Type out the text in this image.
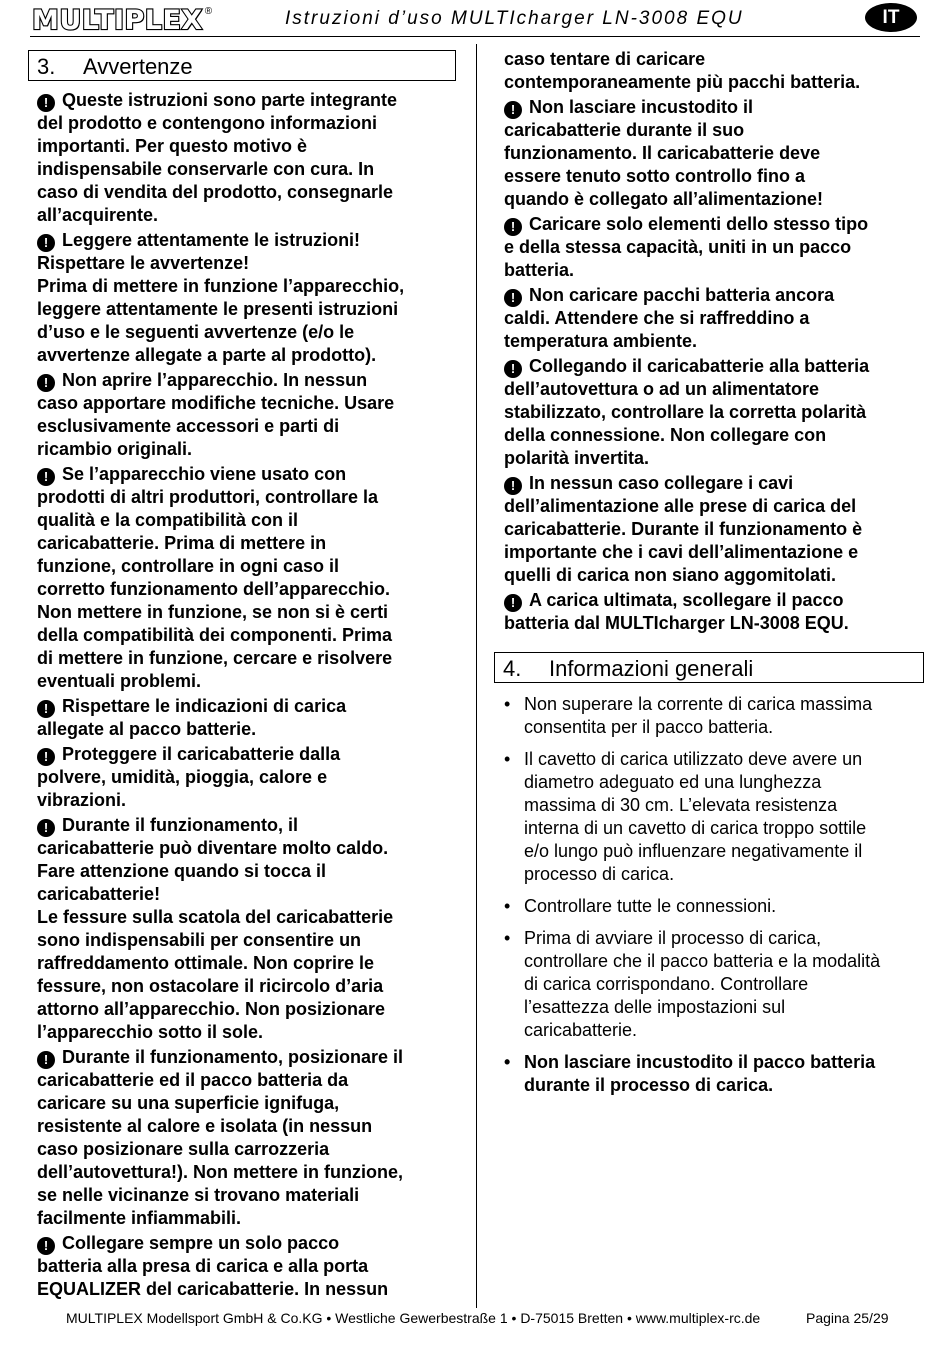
MULTIPLEX ®	Istruzioni d’uso MULTIcharger LN-3008 EQU	IT
3. Avvertenze

! Queste istruzioni sono parte integrante
del prodotto e contengono informazioni
importanti. Per questo motivo è
indispensabile conservarle con cura. In
caso di vendita del prodotto, consegnarle
all’acquirente.

! Leggere attentamente le istruzioni!
Rispettare le avvertenze!
Prima di mettere in funzione l’apparecchio,
leggere attentamente le presenti istruzioni
d’uso e le seguenti avvertenze (e/o le
avvertenze allegate a parte al prodotto).

! Non aprire l’apparecchio. In nessun
caso apportare modifiche tecniche. Usare
esclusivamente accessori e parti di
ricambio originali.

! Se l’apparecchio viene usato con
prodotti di altri produttori, controllare la
qualità e la compatibilità con il
caricabatterie. Prima di mettere in
funzione, controllare in ogni caso il
corretto funzionamento dell’apparecchio.
Non mettere in funzione, se non si è certi
della compatibilità dei componenti. Prima
di mettere in funzione, cercare e risolvere
eventuali problemi.

! Rispettare le indicazioni di carica
allegate al pacco batterie.

! Proteggere il caricabatterie dalla
polvere, umidità, pioggia, calore e
vibrazioni.

! Durante il funzionamento, il
caricabatterie può diventare molto caldo.
Fare attenzione quando si tocca il
caricabatterie!
Le fessure sulla scatola del caricabatterie
sono indispensabili per consentire un
raffreddamento ottimale. Non coprire le
fessure, non ostacolare il ricircolo d’aria
attorno all’apparecchio. Non posizionare
l’apparecchio sotto il sole.

! Durante il funzionamento, posizionare il
caricabatterie ed il pacco batteria da
caricare su una superficie ignifuga,
resistente al calore e isolata (in nessun
caso posizionare sulla carrozzeria
dell’autovettura!). Non mettere in funzione,
se nelle vicinanze si trovano materiali
facilmente infiammabili.

! Collegare sempre un solo pacco
batteria alla presa di carica e alla porta
EQUALIZER del caricabatterie. In nessun

caso tentare di caricare
contemporaneamente più pacchi batteria.

! Non lasciare incustodito il
caricabatterie durante il suo
funzionamento. Il caricabatterie deve
essere tenuto sotto controllo fino a
quando è collegato all’alimentazione!

! Caricare solo elementi dello stesso tipo
e della stessa capacità, uniti in un pacco
batteria.

! Non caricare pacchi batteria ancora
caldi. Attendere che si raffreddino a
temperatura ambiente.

! Collegando il caricabatterie alla batteria
dell’autovettura o ad un alimentatore
stabilizzato, controllare la corretta polarità
della connessione. Non collegare con
polarità invertita.

! In nessun caso collegare i cavi
dell’alimentazione alle prese di carica del
caricabatterie. Durante il funzionamento è
importante che i cavi dell’alimentazione e
quelli di carica non siano aggomitolati.

! A carica ultimata, scollegare il pacco
batteria dal MULTIcharger LN-3008 EQU.

4. Informazioni generali
• Non superare la corrente di carica massima
consentita per il pacco batteria.
• Il cavetto di carica utilizzato deve avere un
diametro adeguato ed una lunghezza
massima di 30 cm. L’elevata resistenza
interna di un cavetto di carica troppo sottile
e/o lungo può influenzare negativamente il
processo di carica.
• Controllare tutte le connessioni.
• Prima di avviare il processo di carica,
controllare che il pacco batteria e la modalità
di carica corrispondano. Controllare
l’esattezza delle impostazioni sul
caricabatterie.
• Non lasciare incustodito il pacco batteria
durante il processo di carica.
MULTIPLEX Modellsport GmbH & Co.KG • Westliche Gewerbestraße 1 • D-75015 Bretten • www.multiplex-rc.de	Pagina 25/29
